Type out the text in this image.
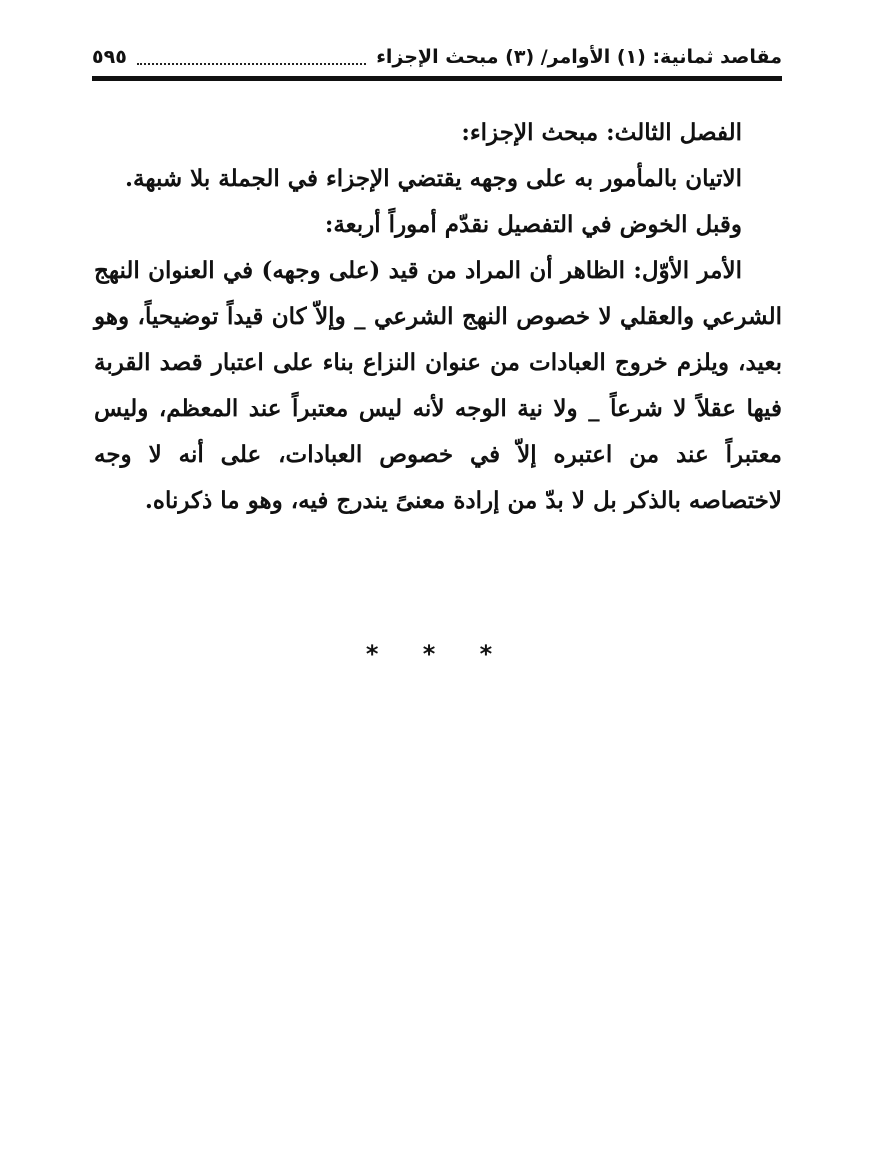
مقاصد ثمانية: (١) الأوامر/ (٣) مبحث الإجزاء
٥٩٥

الفصل الثالث: مبحث الإجزاء:

الاتيان بالمأمور به على وجهه يقتضي الإجزاء في الجملة بلا شبهة.

وقبل الخوض في التفصيل نقدّم أموراً أربعة:

الأمر الأوّل: الظاهر أن المراد من قيد (على وجهه) في العنوان النهج الشرعي والعقلي لا خصوص النهج الشرعي _ وإلاّ كان قيداً توضيحياً، وهو بعيد، ويلزم خروج العبادات من عنوان النزاع بناء على اعتبار قصد القربة فيها عقلاً لا شرعاً _ ولا نية الوجه لأنه ليس معتبراً عند المعظم، وليس معتبراً عند من اعتبره إلاّ في خصوص العبادات، على أنه لا وجه لاختصاصه بالذكر بل لا بدّ من إرادة معنىً يندرج فيه، وهو ما ذكرناه.

* * *
